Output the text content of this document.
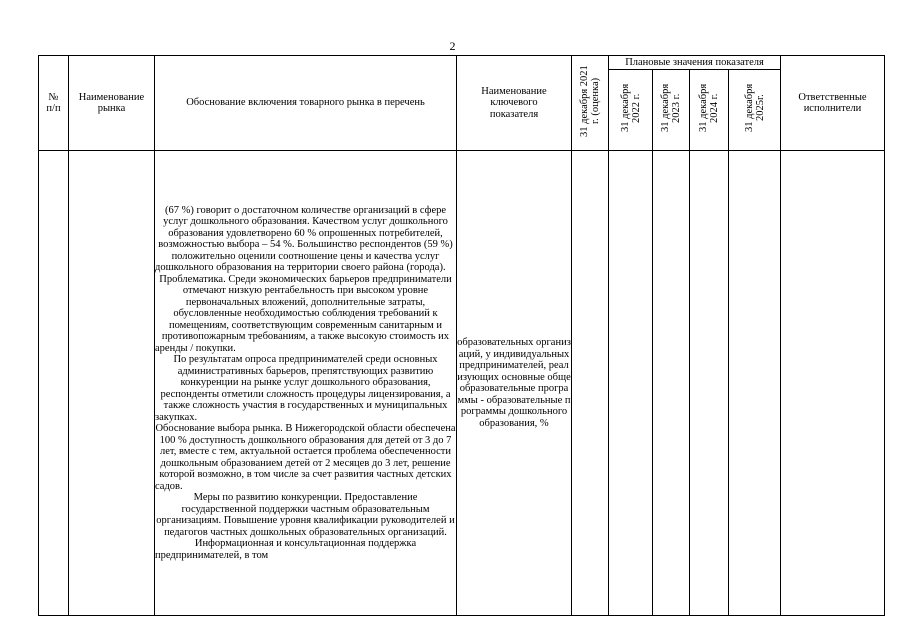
2
№
п/п	Наименование рынка	Обоснование включения товарного рынка в перечень	Наименование ключевого показателя	31 декабря 2021 г. (оценка)	Плановые значения показателя				Ответственные исполнители
					31 декабря 2022 г.	31 декабря 2023 г.	31 декабря 2024 г.	31 декабря 2025г.	

		(67 %) говорит о достаточном количестве организаций в сфере услуг дошкольного образования. Качеством услуг дошкольного образования удовлетворено 60 % опрошенных потребителей, возможностью выбора – 54 %. Большинство респондентов (59 %) положительно оценили соотношение цены и качества услуг дошкольного образования на территории своего района (города).

Проблематика. Среди экономических барьеров предприниматели отмечают низкую рентабельность при высоком уровне первоначальных вложений, дополнительные затраты, обусловленные необходимостью соблюдения требований к помещениям, соответствующим современным санитарным и противопожарным требованиям, а также высокую стоимость их аренды / покупки.

По результатам опроса предпринимателей среди основных административных барьеров, препятствующих развитию конкуренции на рынке услуг дошкольного образования, респонденты отметили сложность процедуры лицензирования, а также сложность участия в государственных и муниципальных закупках.

Обоснование выбора рынка. В Нижегородской области обеспечена 100 % доступность дошкольного образования для детей от 3 до 7 лет, вместе с тем, актуальной остается проблема обеспеченности дошкольным образованием детей от 2 месяцев до 3 лет, решение которой возможно, в том числе за счет развития частных детских садов.

Меры по развитию конкуренции. Предоставление государственной поддержки частным образовательным организациям. Повышение уровня квалификации руководителей и педагогов частных дошкольных образовательных организаций. Информационная и консультационная поддержка предпринимателей, в том	образовательных организаций, у индивидуальных предпринимателей, реализующих основные общеобразовательные программы - образовательные программы дошкольного образования, %						
